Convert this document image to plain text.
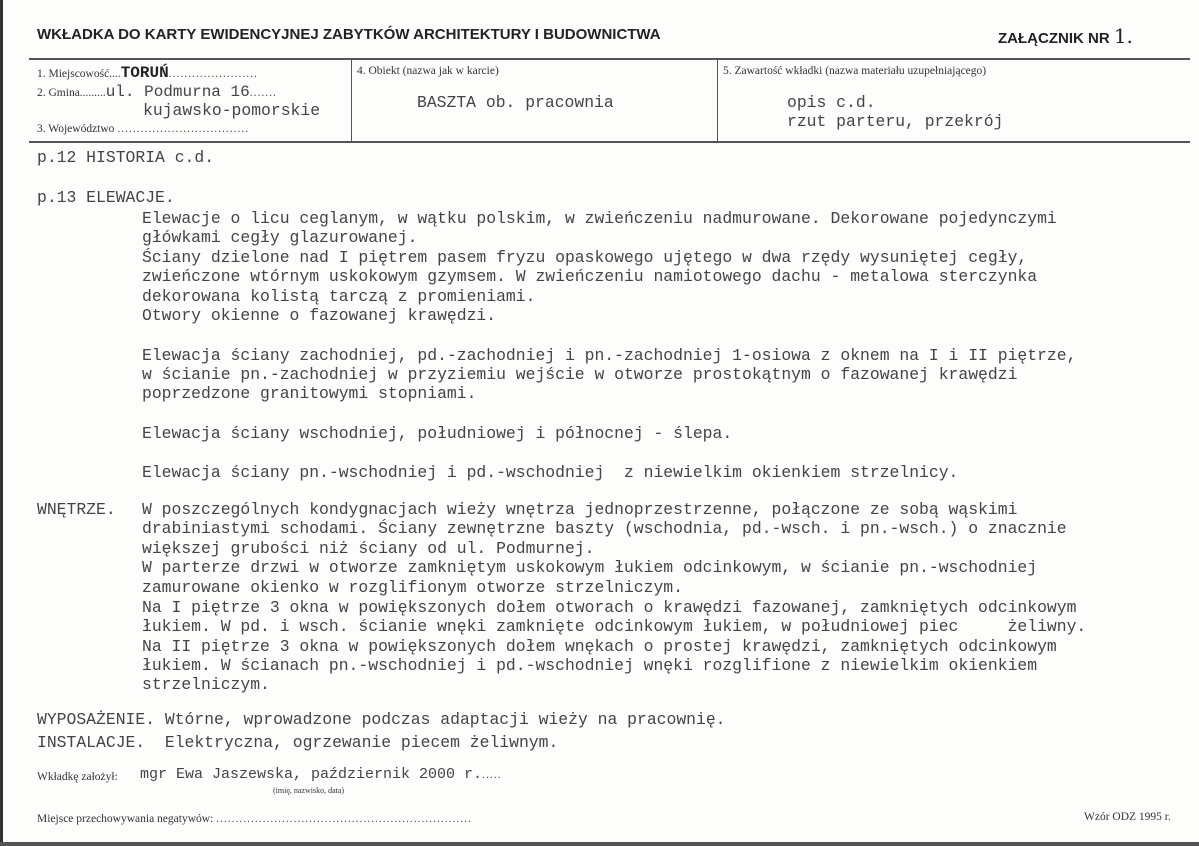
WKŁADKA DO KARTY EWIDENCYJNEJ ZABYTKÓW ARCHITEKTURY I BUDOWNICTWA	ZAŁĄCZNIK NR 1.
1. Miejscowość....TORUŃ.......................
2. Gmina.........ul. Podmurna 16.......
kujawsko-pomorskie
3. Województwo ..................................
4. Obiekt (nazwa jak w karcie)
BASZTA ob. pracownia
5. Zawartość wkładki (nazwa materiału uzupełniającego)
opis c.d.
rzut parteru, przekrój
p.12 HISTORIA c.d.
p.13 ELEWACJE.
Elewacje o licu ceglanym, w wątku polskim, w zwieńczeniu nadmurowane. Dekorowane pojedynczymi
główkami cegły glazurowanej.
Ściany dzielone nad I piętrem pasem fryzu opaskowego ujętego w dwa rzędy wysuniętej cegły,
zwieńczone wtórnym uskokowym gzymsem. W zwieńczeniu namiotowego dachu - metalowa sterczynka
dekorowana kolistą tarczą z promieniami.
Otwory okienne o fazowanej krawędzi.
Elewacja ściany zachodniej, pd.-zachodniej i pn.-zachodniej 1-osiowa z oknem na I i II piętrze,
w ścianie pn.-zachodniej w przyziemiu wejście w otworze prostokątnym o fazowanej krawędzi
poprzedzone granitowymi stopniami.
Elewacja ściany wschodniej, południowej i północnej - ślepa.
Elewacja ściany pn.-wschodniej i pd.-wschodniej  z niewielkim okienkiem strzelnicy.
WNĘTRZE. W poszczególnych kondygnacjach wieży wnętrza jednoprzestrzenne, połączone ze sobą wąskimi
drabiniastymi schodami. Ściany zewnętrzne baszty (wschodnia, pd.-wsch. i pn.-wsch.) o znacznie
większej grubości niż ściany od ul. Podmurnej.
W parterze drzwi w otworze zamkniętym uskokowym łukiem odcinkowym, w ścianie pn.-wschodniej
zamurowane okienko w rozglifionym otworze strzelniczym.
Na I piętrze 3 okna w powiększonych dołem otworach o krawędzi fazowanej, zamkniętych odcinkowym
łukiem. W pd. i wsch. ścianie wnęki zamknięte odcinkowym łukiem, w południowej piec     żeliwny.
Na II piętrze 3 okna w powiększonych dołem wnękach o prostej krawędzi, zamkniętych odcinkowym
łukiem. W ścianach pn.-wschodniej i pd.-wschodniej wnęki rozglifione z niewielkim okienkiem
strzelniczym.
WYPOSAŻENIE. Wtórne, wprowadzone podczas adaptacji wieży na pracownię.
INSTALACJE.  Elektryczna, ogrzewanie piecem żeliwnym.
Wkładkę założył: mgr Ewa Jaszewska, październik 2000 r......
(imię, nazwisko, data)
Miejsce przechowywania negatywów: ..................................................................	Wzór ODZ 1995 r.
